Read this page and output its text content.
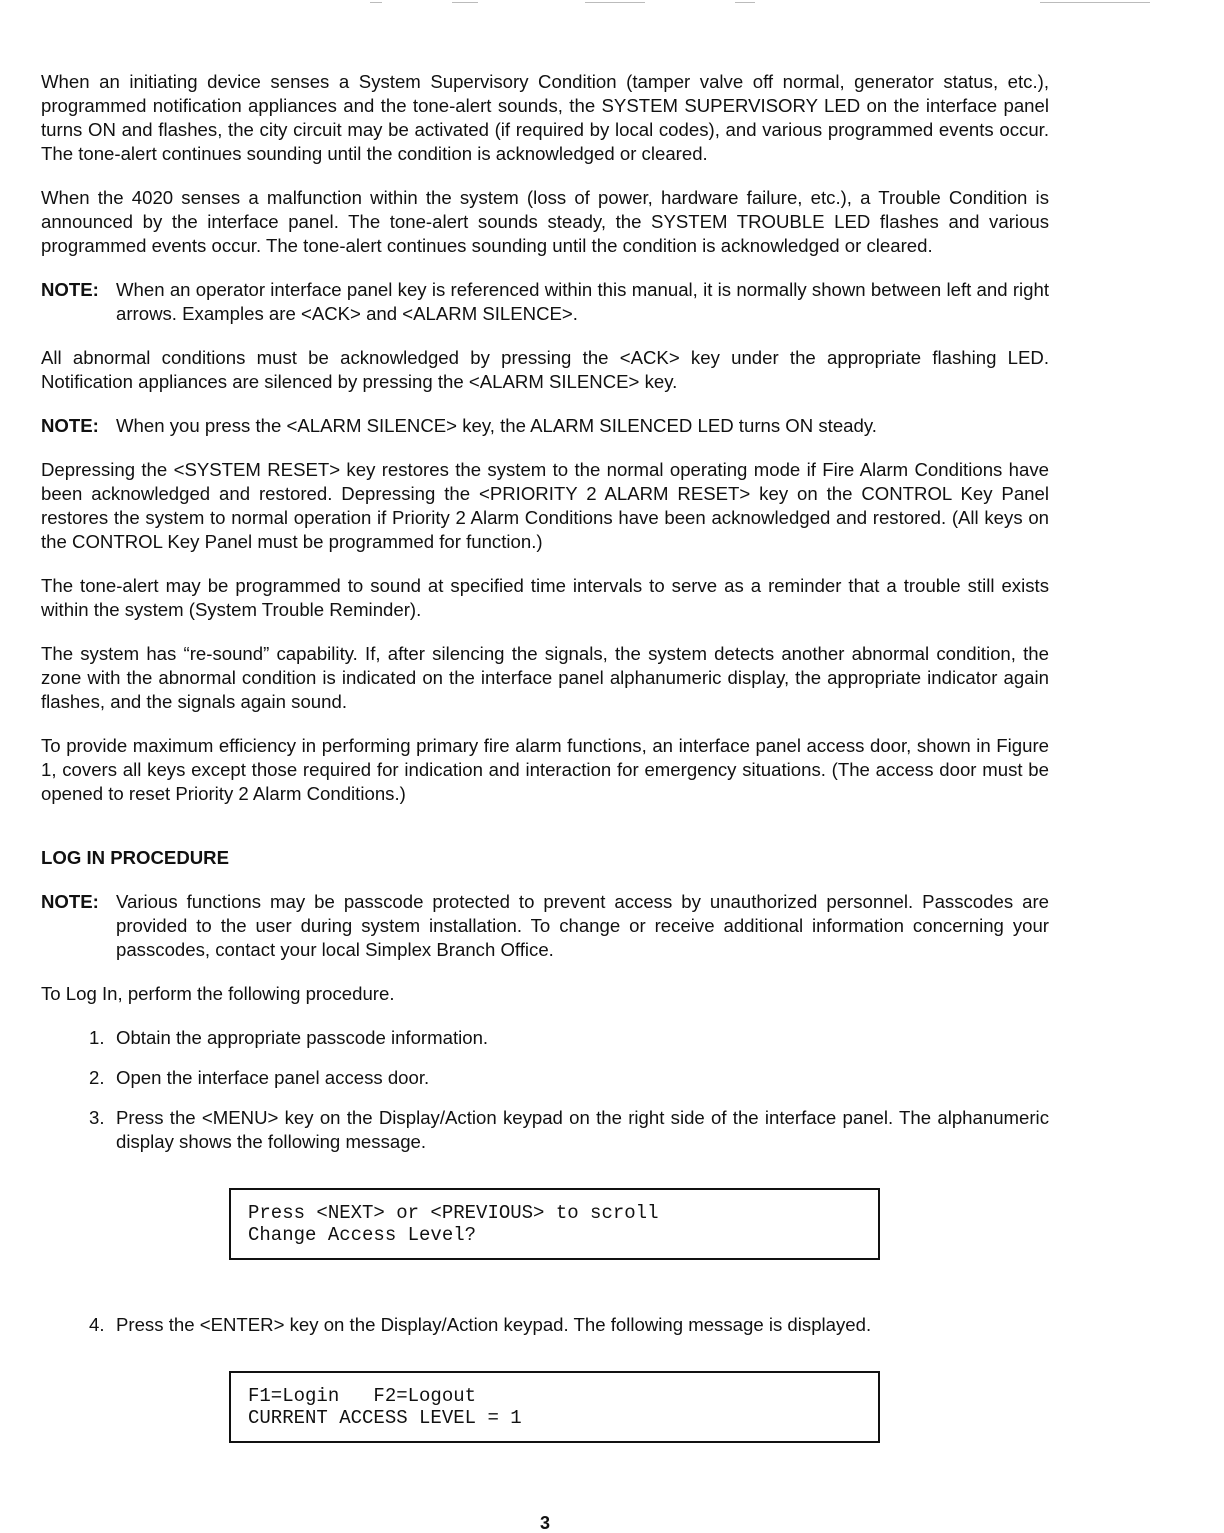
When an initiating device senses a System Supervisory Condition (tamper valve off normal, generator status, etc.), programmed notification appliances and the tone-alert sounds, the SYSTEM SUPERVISORY LED on the interface panel turns ON and flashes, the city circuit may be activated (if required by local codes), and various programmed events occur. The tone-alert continues sounding until the condition is acknowledged or cleared.

When the 4020 senses a malfunction within the system (loss of power, hardware failure, etc.), a Trouble Condition is announced by the interface panel. The tone-alert sounds steady, the SYSTEM TROUBLE LED flashes and various programmed events occur. The tone-alert continues sounding until the condition is acknowledged or cleared.

NOTE: When an operator interface panel key is referenced within this manual, it is normally shown between left and right arrows. Examples are <ACK> and <ALARM SILENCE>.

All abnormal conditions must be acknowledged by pressing the <ACK> key under the appropriate flashing LED. Notification appliances are silenced by pressing the <ALARM SILENCE> key.

NOTE: When you press the <ALARM SILENCE> key, the ALARM SILENCED LED turns ON steady.

Depressing the <SYSTEM RESET> key restores the system to the normal operating mode if Fire Alarm Conditions have been acknowledged and restored. Depressing the <PRIORITY 2 ALARM RESET> key on the CONTROL Key Panel restores the system to normal operation if Priority 2 Alarm Conditions have been acknowledged and restored. (All keys on the CONTROL Key Panel must be programmed for function.)

The tone-alert may be programmed to sound at specified time intervals to serve as a reminder that a trouble still exists within the system (System Trouble Reminder).

The system has “re-sound” capability. If, after silencing the signals, the system detects another abnormal condition, the zone with the abnormal condition is indicated on the interface panel alphanumeric display, the appropriate indicator again flashes, and the signals again sound.

To provide maximum efficiency in performing primary fire alarm functions, an interface panel access door, shown in Figure 1, covers all keys except those required for indication and interaction for emergency situations. (The access door must be opened to reset Priority 2 Alarm Conditions.)

LOG IN PROCEDURE
NOTE: Various functions may be passcode protected to prevent access by unauthorized personnel. Passcodes are provided to the user during system installation. To change or receive additional information concerning your passcodes, contact your local Simplex Branch Office.

To Log In, perform the following procedure.

1. Obtain the appropriate passcode information.
2. Open the interface panel access door.
3. Press the <MENU> key on the Display/Action keypad on the right side of the interface panel. The alphanumeric display shows the following message.
Press <NEXT> or <PREVIOUS> to scroll
Change Access Level?
4. Press the <ENTER> key on the Display/Action keypad. The following message is displayed.
F1=Login   F2=Logout
CURRENT ACCESS LEVEL = 1
3
